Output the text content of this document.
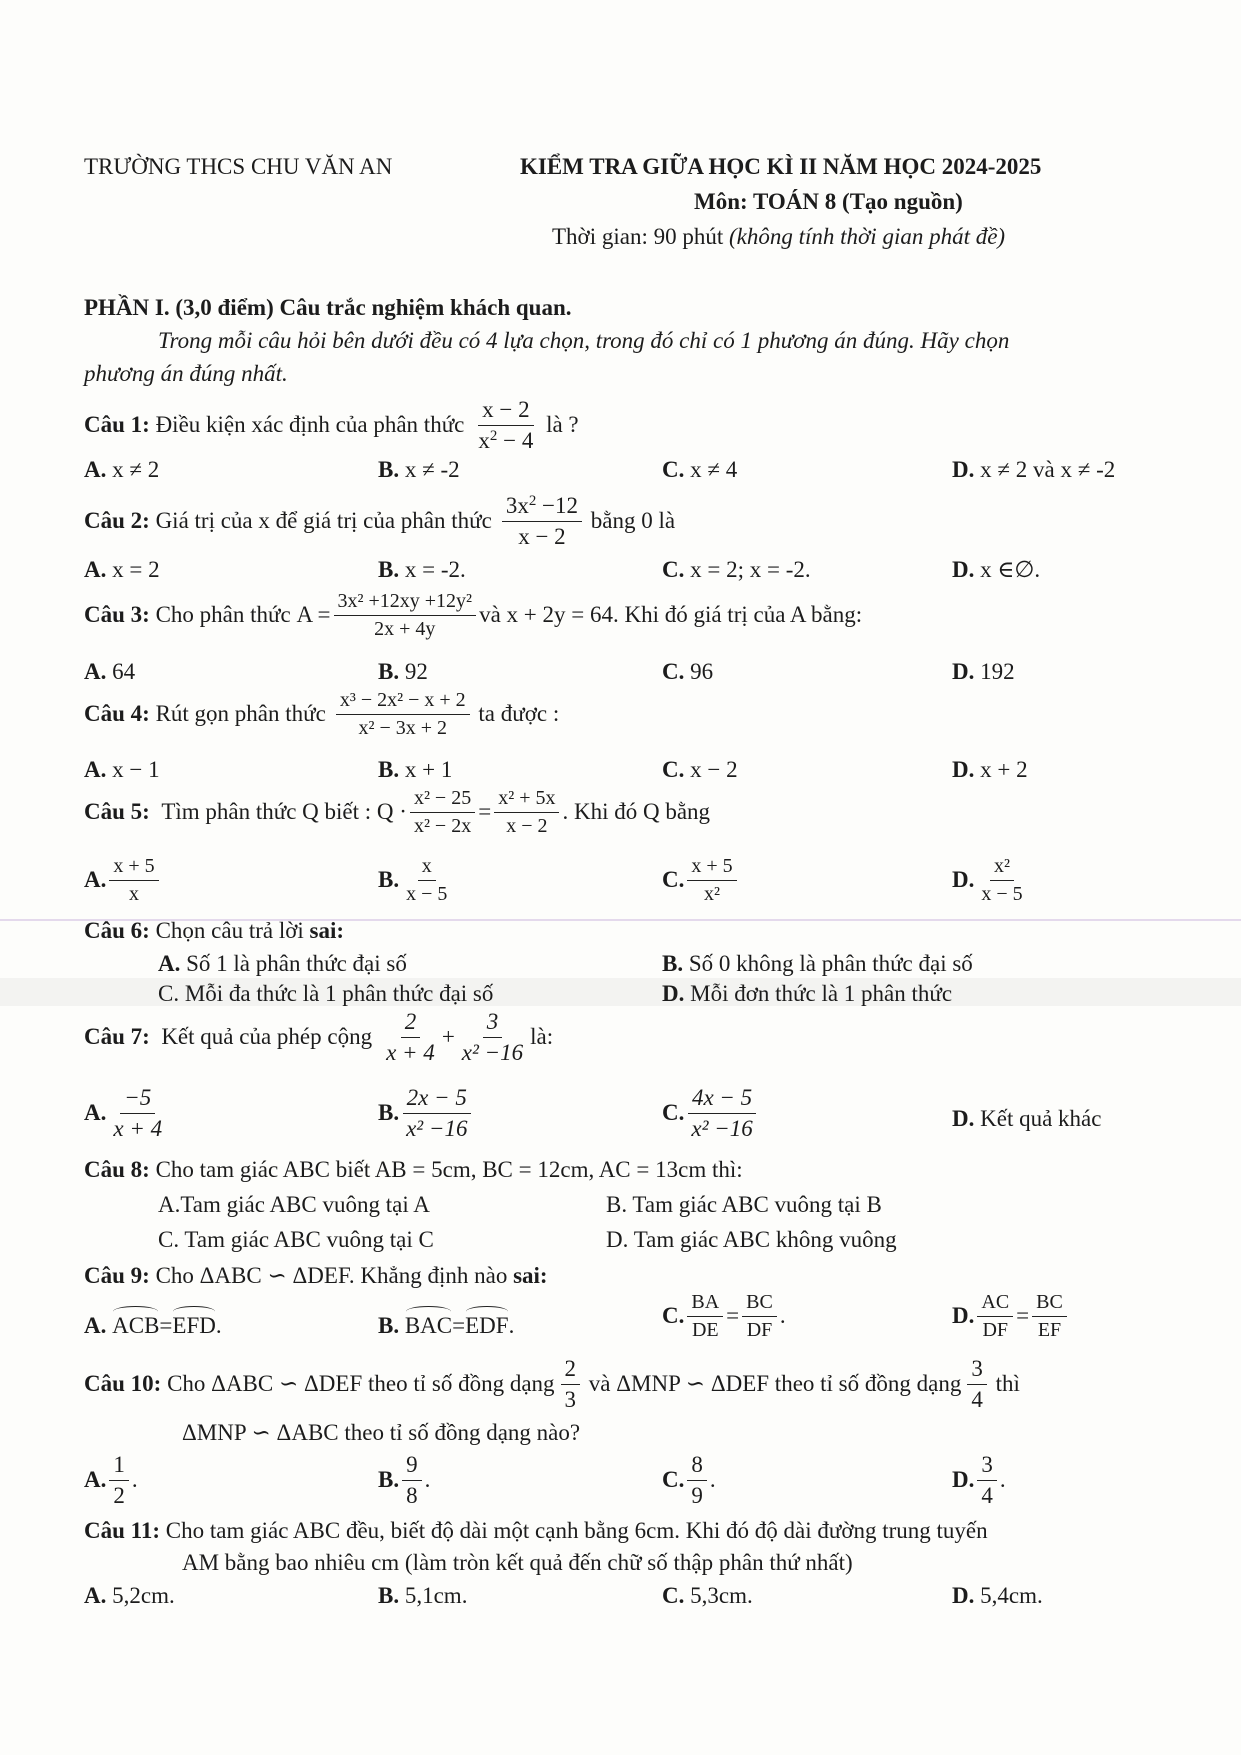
TRƯỜNG THCS CHU VĂN AN	KIỂM TRA GIỮA HỌC KÌ II NĂM HỌC 2024-2025
Môn: TOÁN 8 (Tạo nguồn)
Thời gian: 90 phút (không tính thời gian phát đề)
PHẦN I. (3,0 điểm) Câu trắc nghiệm khách quan.
Trong mỗi câu hỏi bên dưới đều có 4 lựa chọn, trong đó chỉ có 1 phương án đúng. Hãy chọn
phương án đúng nhất.
Câu 1:
Điều kiện xác định của phân thức $\frac{x - 2}{x^2 - 4}$
là ?
A. x ≠ 2	B. x ≠ -2	C. x ≠ 4	D. x ≠ 2 và x ≠ -2
Câu 2:
Giá trị của x để giá trị của phân thức $\frac{3x^2 -12}{x - 2}$
bằng 0 là
A. x = 2	B. x = -2.	C. x = 2; x = -2.	D. x ∈∅.
Câu 3:
Cho phân thức
$A = \frac{\text{3x² +12xy +12y²}}{2x + 4y}$ và x + 2y = 64. Khi đó giá trị của A bằng:
A. 64	B. 92	C. 96	D. 192
Câu 4:
Rút gọn phân thức $\frac{\text{x³ − 2x² − x + 2}}{\text{x² − 3x + 2}}$
ta được :
A. x − 1	B. x + 1	C. x − 2	D. x + 2
Câu 5:
Tìm phân thức Q biết : $Q \cdot \frac{\text{x² − 25}}{\text{x² − 2x}} = \frac{\text{x² + 5x}}{x - 2}$ . Khi đó Q bằng
A. $\frac{x + 5}{x}$	B. $\frac{x}{x - 5}$	C. $\frac{x + 5}{\text{x²}}$	D. $\frac{\text{x²}}{x - 5}$
Câu 6: Chọn câu trả lời sai:
A. Số 1 là phân thức đại số	B. Số 0 không là phân thức đại số
C. Mỗi đa thức là 1 phân thức đại số	D. Mỗi đơn thức là 1 phân thức
Câu 7:
Kết quả của phép cộng $\frac{2}{x + 4} + \frac{3}{\text{x² −16}}$ là:
A. $\frac{-5}{x + 4}$	B. $\frac{2x - 5}{\text{x² −16}}$	C. $\frac{4x - 5}{\text{x² −16}}$	D. Kết quả khác
Câu 8: Cho tam giác ABC biết AB = 5cm, BC = 12cm, AC = 13cm thì:
A.Tam giác ABC vuông tại A	B. Tam giác ABC vuông tại B
C. Tam giác ABC vuông tại C	D. Tam giác ABC không vuông
Câu 9: Cho ΔABC ∽ ΔDEF. Khẳng định nào sai:
A. ACB=EFD.	B. BAC=EDF.	C. $\frac{BA}{DE} = \frac{BC}{DF}$ .	D. $\frac{AC}{DF} = \frac{BC}{EF}$
Câu 10:
Cho ΔABC ∽ ΔDEF theo tỉ số đồng dạng $\frac{2}{3}$
và ΔMNP ∽ ΔDEF theo tỉ số đồng dạng $\frac{3}{4}$
thì
ΔMNP ∽ ΔABC theo tỉ số đồng dạng nào?
A. $\frac{1}{2}$ .	B. $\frac{9}{8}$ .	C. $\frac{8}{9}$ .	D. $\frac{3}{4}$ .
Câu 11: Cho tam giác ABC đều, biết độ dài một cạnh bằng 6cm. Khi đó độ dài đường trung tuyến
AM bằng bao nhiêu cm (làm tròn kết quả đến chữ số thập phân thứ nhất)
A. 5,2cm.	B. 5,1cm.	C. 5,3cm.	D. 5,4cm.
